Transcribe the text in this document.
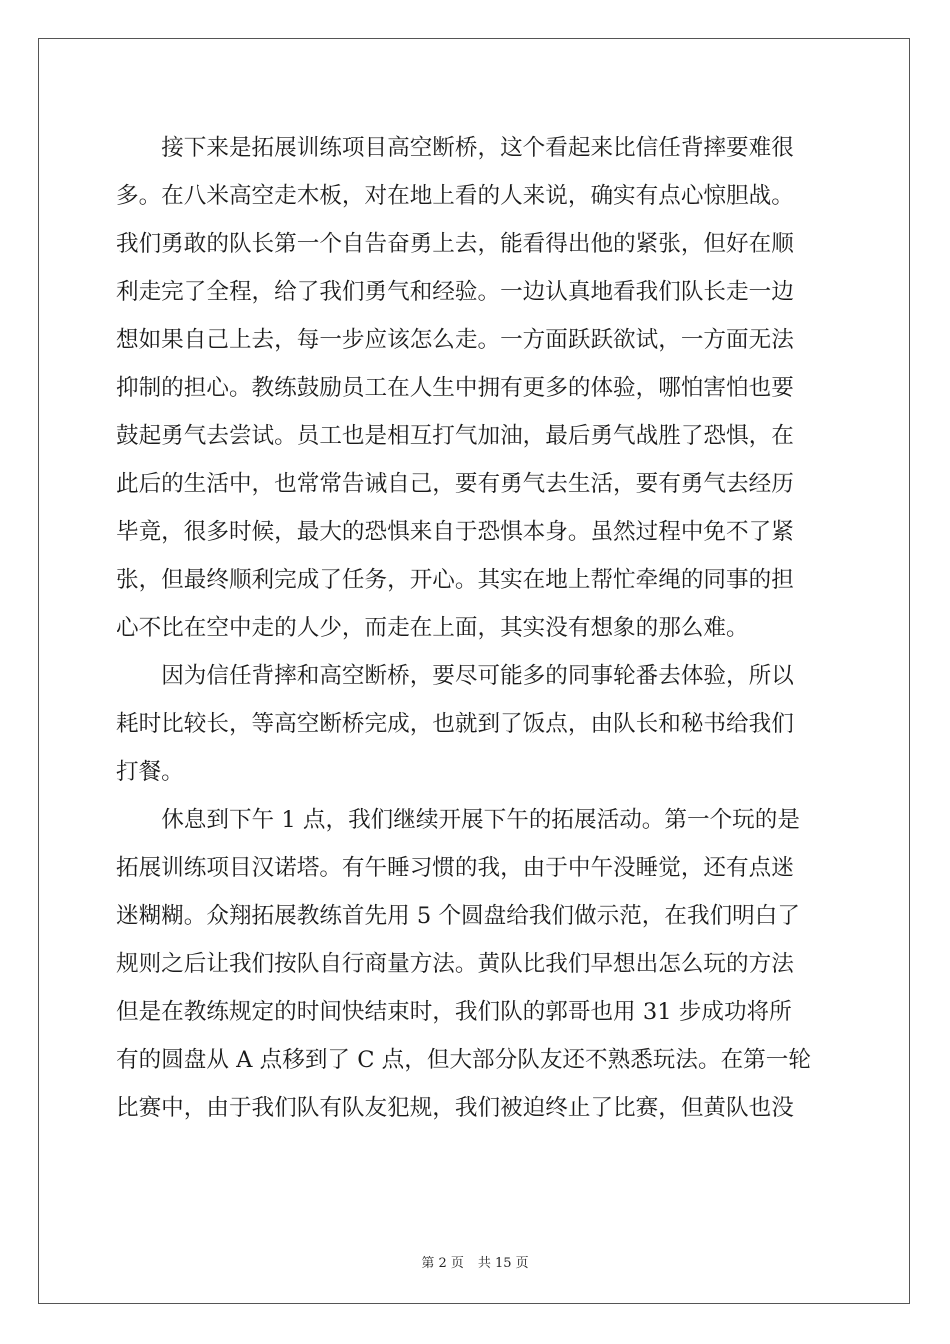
接下来是拓展训练项目高空断桥，这个看起来比信任背摔要难很

多。在八米高空走木板，对在地上看的人来说，确实有点心惊胆战。

我们勇敢的队长第一个自告奋勇上去，能看得出他的紧张，但好在顺

利走完了全程，给了我们勇气和经验。一边认真地看我们队长走一边

想如果自己上去，每一步应该怎么走。一方面跃跃欲试，一方面无法

抑制的担心。教练鼓励员工在人生中拥有更多的体验，哪怕害怕也要

鼓起勇气去尝试。员工也是相互打气加油，最后勇气战胜了恐惧，在

此后的生活中，也常常告诫自己，要有勇气去生活，要有勇气去经历

毕竟，很多时候，最大的恐惧来自于恐惧本身。虽然过程中免不了紧

张，但最终顺利完成了任务，开心。其实在地上帮忙牵绳的同事的担

心不比在空中走的人少，而走在上面，其实没有想象的那么难。

因为信任背摔和高空断桥，要尽可能多的同事轮番去体验，所以

耗时比较长，等高空断桥完成，也就到了饭点，由队长和秘书给我们

打餐。

休息到下午 1 点，我们继续开展下午的拓展活动。第一个玩的是

拓展训练项目汉诺塔。有午睡习惯的我，由于中午没睡觉，还有点迷

迷糊糊。众翔拓展教练首先用 5 个圆盘给我们做示范，在我们明白了

规则之后让我们按队自行商量方法。黄队比我们早想出怎么玩的方法

但是在教练规定的时间快结束时，我们队的郭哥也用 31 步成功将所

有的圆盘从 A 点移到了 C 点，但大部分队友还不熟悉玩法。在第一轮

比赛中，由于我们队有队友犯规，我们被迫终止了比赛，但黄队也没

第 2 页 共 15 页
